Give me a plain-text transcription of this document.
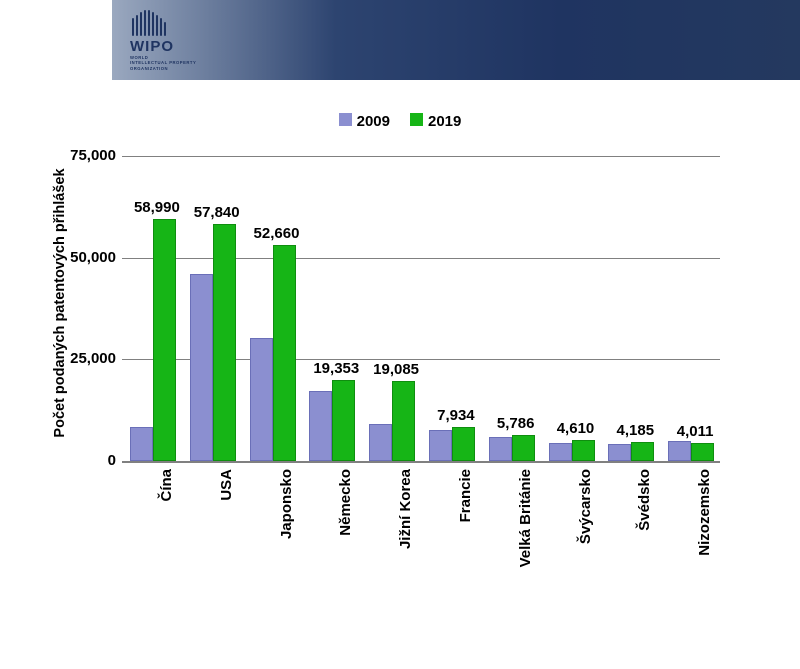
WIPO
WORLD
INTELLECTUAL PROPERTY
ORGANIZATION
2009	2019
Počet podaných patentových přihlášek
0
25,000
50,000
75,000
58,990 57,840
52,660
19,353 19,085
7,934
5,786	4,610	4,185	4,011
Čína	USA	Japonsko	Německo	Jižní Korea	Francie	Velká Británie	Švýcarsko	Švédsko	Nizozemsko
